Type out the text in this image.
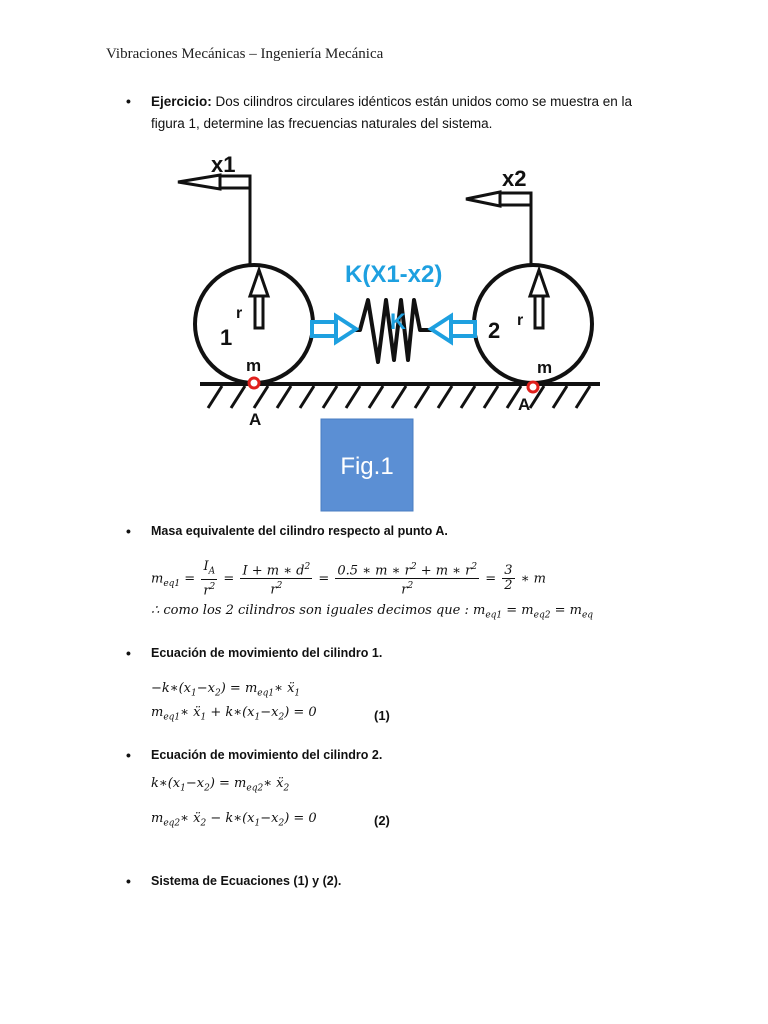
Vibraciones Mecánicas – Ingeniería Mecánica
•
Ejercicio: Dos cilindros circulares idénticos están unidos como se muestra en la
figura 1, determine las frecuencias naturales del sistema.
x1
x2
K(X1-x2)
K
r	r
1	2
m	m
A
A
Fig.1
•
Masa equivalente del cilindro respecto al punto A.
$m_{eq1} = \frac{I_A}{r^2} = \frac{I + m ∗ d^2}{r^2} = \frac{0.5 ∗ m ∗ r^2 + m ∗ r^2}{r^2} = \frac{3}{2}$ ∗ m
∴ como los 2 cilindros son iguales decimos que : $m_{eq1} = m_{eq2} = m_{eq}$
•
Ecuación de movimiento del cilindro 1.
$-k∗(x_1-x_2)$ = $m_{eq1}∗$ ẍ$_1$
$m_{eq1}∗$ ẍ$_1$ + $k∗(x_1-x_2) = 0$	(1)
•
Ecuación de movimiento del cilindro 2.
$k∗(x_1-x_2)$ = $m_{eq2}∗$ ẍ$_2$
$m_{eq2}∗$ ẍ$_2$ − $k∗(x_1-x_2) = 0$	(2)
•
Sistema de Ecuaciones (1) y (2).
